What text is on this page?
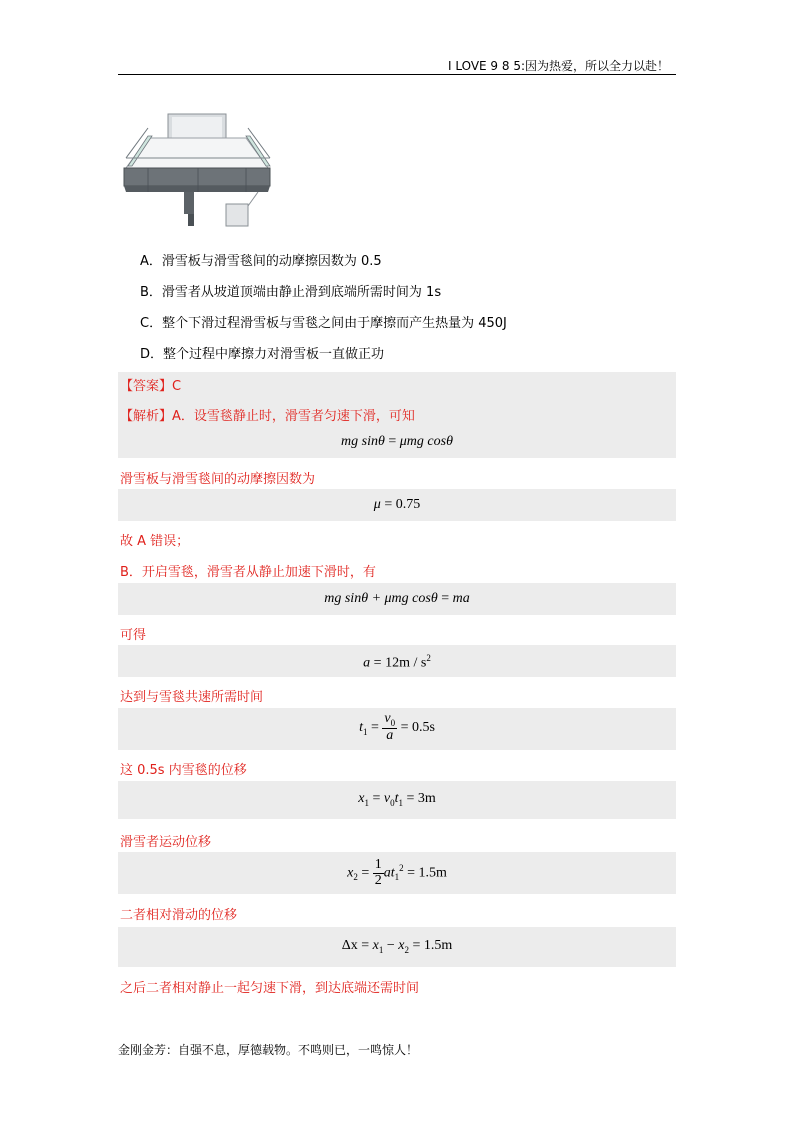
I LOVE 9 8 5:因为热爱，所以全力以赴！
A．滑雪板与滑雪毯间的动摩擦因数为 0.5
B．滑雪者从坡道顶端由静止滑到底端所需时间为 1s
C．整个下滑过程滑雪板与雪毯之间由于摩擦而产生热量为 450J
D．整个过程中摩擦力对滑雪板一直做正功
【答案】C
【解析】A．设雪毯静止时，滑雪者匀速下滑，可知
mg sinθ = μmg cosθ
滑雪板与滑雪毯间的动摩擦因数为
μ = 0.75
故 A 错误；
B．开启雪毯，滑雪者从静止加速下滑时，有
mg sinθ + μmg cosθ = ma
可得
$a = 12m / s^2$
达到与雪毯共速所需时间
$t_1 = \frac{v_0}{a} = 0.5s$
这 0.5s 内雪毯的位移
$x_1 = v_0t_1 = 3m$
滑雪者运动位移
$x_2 = \frac{1}{2} at_1^2 = 1.5m$
二者相对滑动的位移
$\Delta x = x_1 - x_2 = 1.5m$
之后二者相对静止一起匀速下滑，到达底端还需时间
金刚金芳：自强不息，厚德载物。不鸣则已，一鸣惊人！
